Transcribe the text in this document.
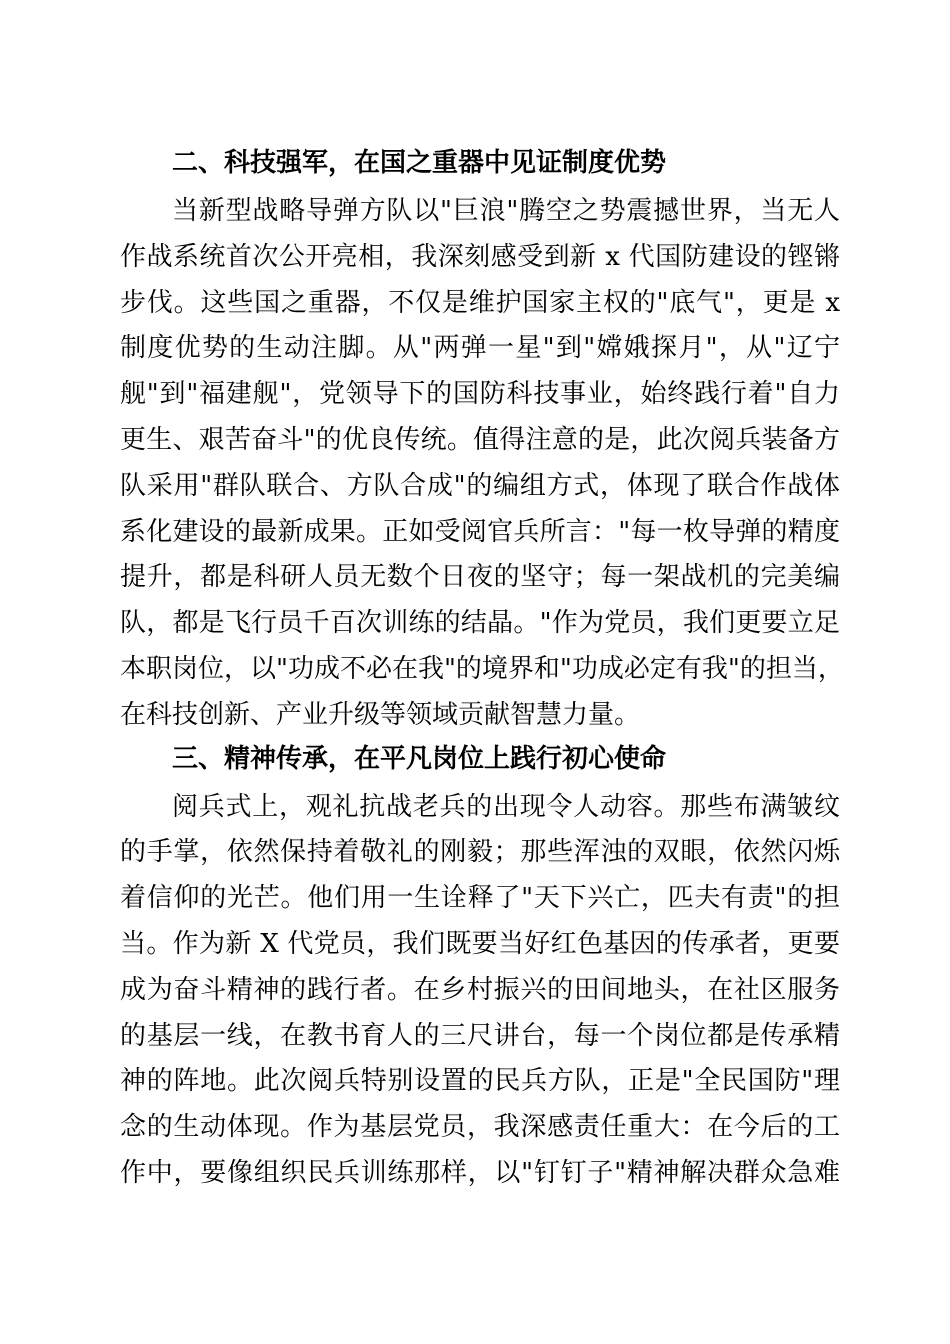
二、科技强军，在国之重器中见证制度优势
当新型战略导弹方队以"巨浪"腾空之势震撼世界，当无人
作战系统首次公开亮相，我深刻感受到新 x 代国防建设的铿锵
步伐。这些国之重器，不仅是维护国家主权的"底气"，更是 x
制度优势的生动注脚。从"两弹一星"到"嫦娥探月"，从"辽宁
舰"到"福建舰"，党领导下的国防科技事业，始终践行着"自力
更生、艰苦奋斗"的优良传统。值得注意的是，此次阅兵装备方
队采用"群队联合、方队合成"的编组方式，体现了联合作战体
系化建设的最新成果。正如受阅官兵所言："每一枚导弹的精度
提升，都是科研人员无数个日夜的坚守；每一架战机的完美编
队，都是飞行员千百次训练的结晶。"作为党员，我们更要立足
本职岗位，以"功成不必在我"的境界和"功成必定有我"的担当，
在科技创新、产业升级等领域贡献智慧力量。
三、精神传承，在平凡岗位上践行初心使命
阅兵式上，观礼抗战老兵的出现令人动容。那些布满皱纹
的手掌，依然保持着敬礼的刚毅；那些浑浊的双眼，依然闪烁
着信仰的光芒。他们用一生诠释了"天下兴亡，匹夫有责"的担
当。作为新 X 代党员，我们既要当好红色基因的传承者，更要
成为奋斗精神的践行者。在乡村振兴的田间地头，在社区服务
的基层一线，在教书育人的三尺讲台，每一个岗位都是传承精
神的阵地。此次阅兵特别设置的民兵方队，正是"全民国防"理
念的生动体现。作为基层党员，我深感责任重大：在今后的工
作中，要像组织民兵训练那样，以"钉钉子"精神解决群众急难
